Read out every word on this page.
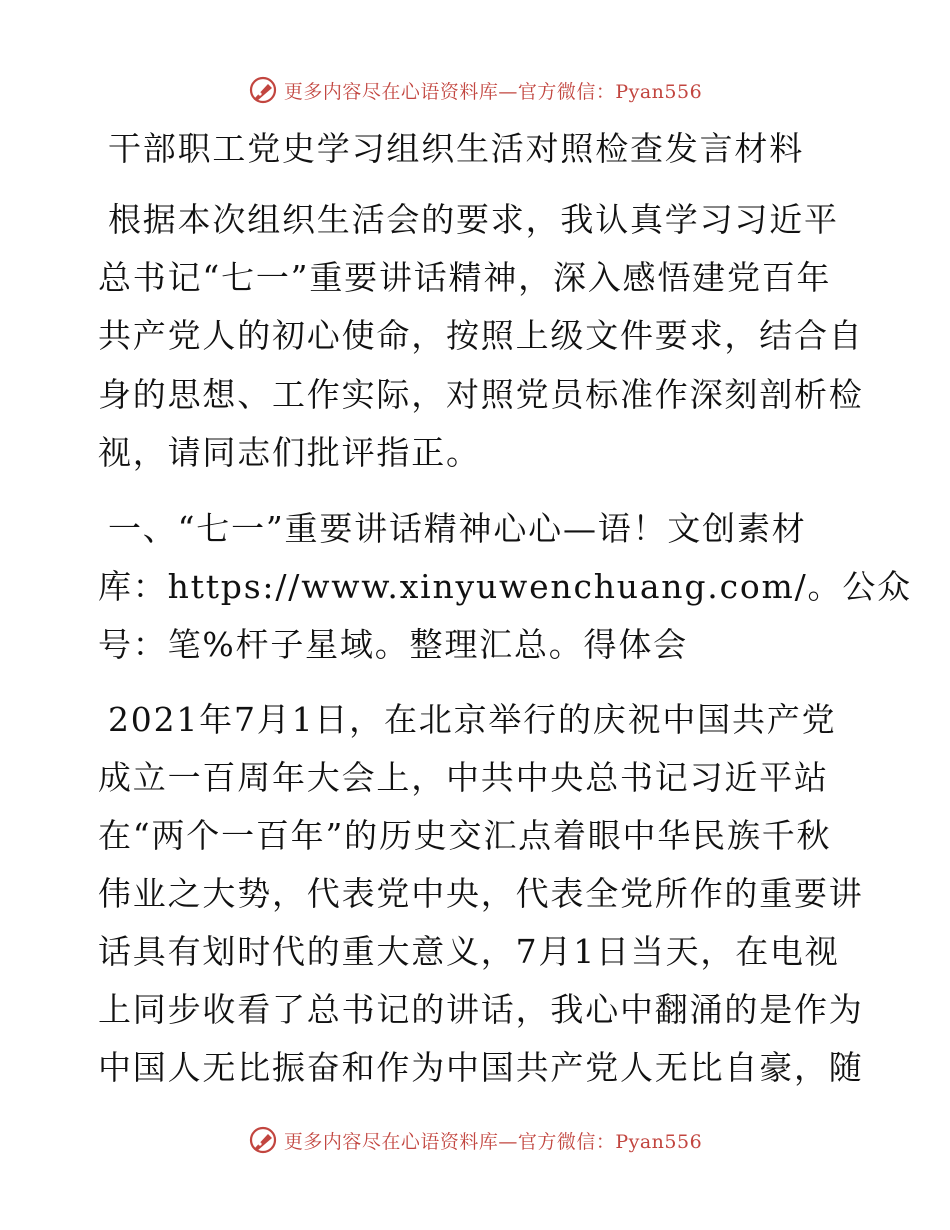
更多内容尽在心语资料库—官方微信：Pyan556
干部职工党史学习组织生活对照检查发言材料
根据本次组织生活会的要求，我认真学习习近平
总书记“七一”重要讲话精神，深入感悟建党百年
共产党人的初心使命，按照上级文件要求，结合自
身的思想、工作实际，对照党员标准作深刻剖析检
视，请同志们批评指正。
一、“七一”重要讲话精神心心—语！文创素材
库：https://www.xinyuwenchuang.com/。公众
号：笔%杆子星域。整理汇总。得体会
2021年7月1日，在北京举行的庆祝中国共产党
成立一百周年大会上，中共中央总书记习近平站
在“两个一百年”的历史交汇点着眼中华民族千秋
伟业之大势，代表党中央，代表全党所作的重要讲
话具有划时代的重大意义，7月1日当天，在电视
上同步收看了总书记的讲话，我心中翻涌的是作为
中国人无比振奋和作为中国共产党人无比自豪，随
更多内容尽在心语资料库—官方微信：Pyan556
